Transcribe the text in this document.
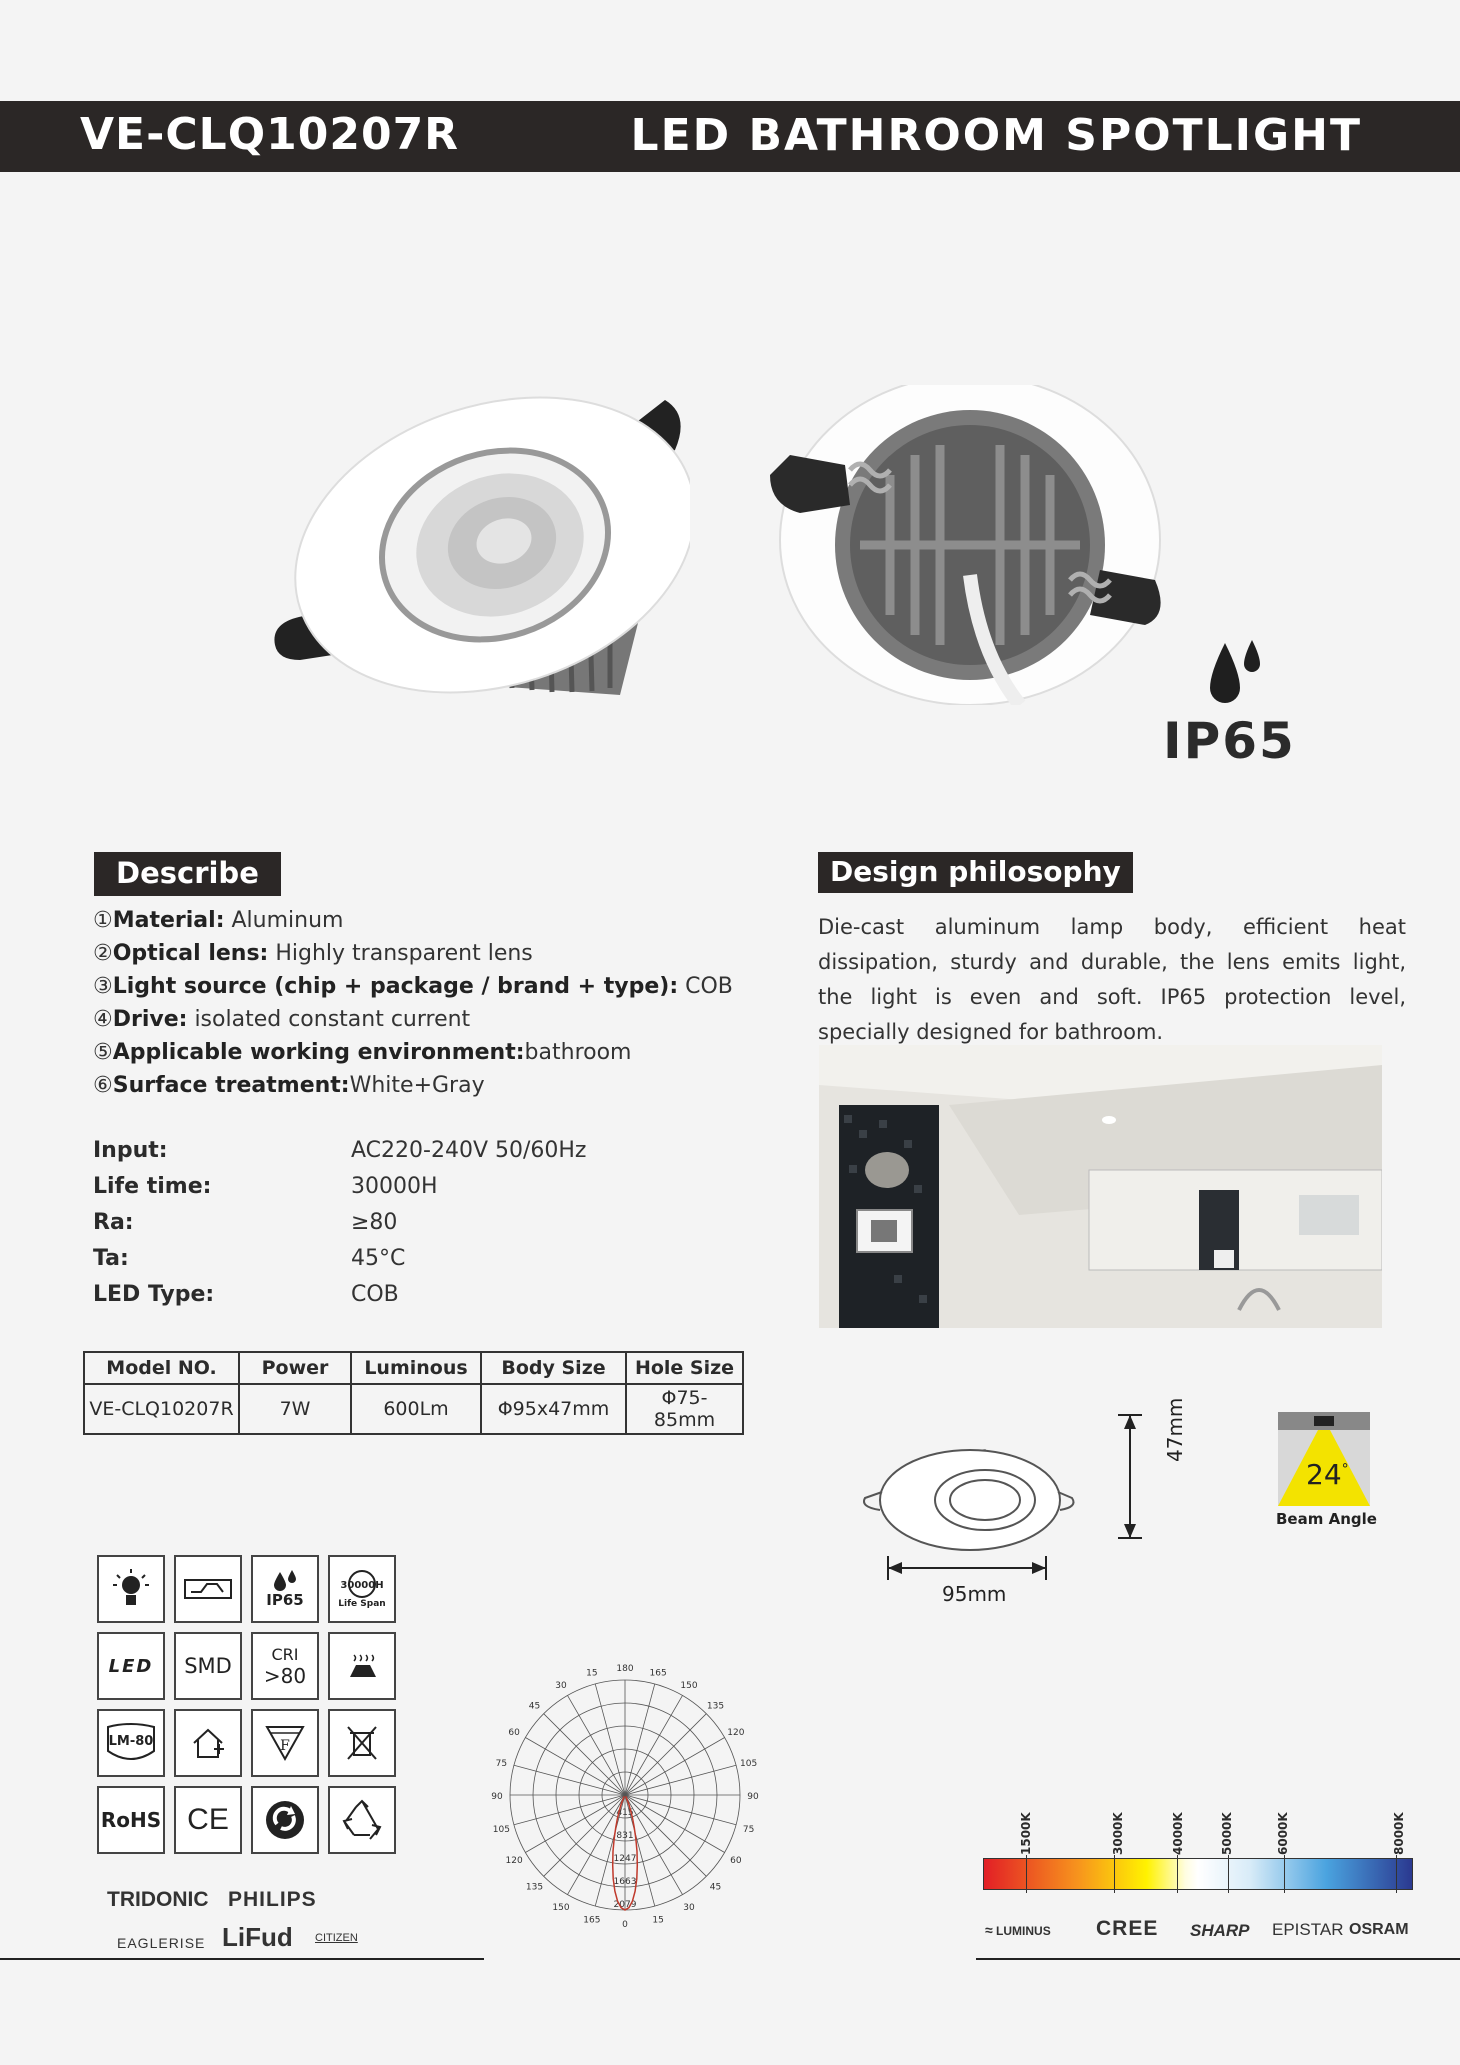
VE-CLQ10207R	LED BATHROOM SPOTLIGHT
IP65
Describe
①Material: Aluminum
②Optical lens: Highly transparent lens
③Light source (chip + package / brand + type): COB
④Drive: isolated constant current
⑤Applicable working environment:bathroom
⑥Surface treatment:White+Gray
Input:	AC220-240V 50/60Hz
Life time:	30000H
Ra:	≥80
Ta:	45°C
LED Type:	COB
Model NO.	Power	Luminous	Body Size	Hole Size
VE-CLQ10207R	7W	600Lm	Φ95x47mm	Φ75-85mm
Design philosophy
Die-cast aluminum lamp body, efficient heat dissipation, sturdy and durable, the lens emits light, the light is even and soft. IP65 protection level, specially designed for bathroom.
47mm
95mm
24°
Beam Angle
IP65
30000H
Life Span
LED SMD CRI
>80
LM-80	F
RoHS CE
180 165
150
135
120
105
90
75
60
45
30
15
0
165
150
135
120
105
90
75
60
45
30
15
415
831
1247
1663
2079
1500K	3000K	4000K	5000K	6000K	8000K
TRIDONIC PHILIPS
EAGLERISE LiFud CITIZEN	≈ LUMINUS CREE SHARP EPISTAR OSRAM
